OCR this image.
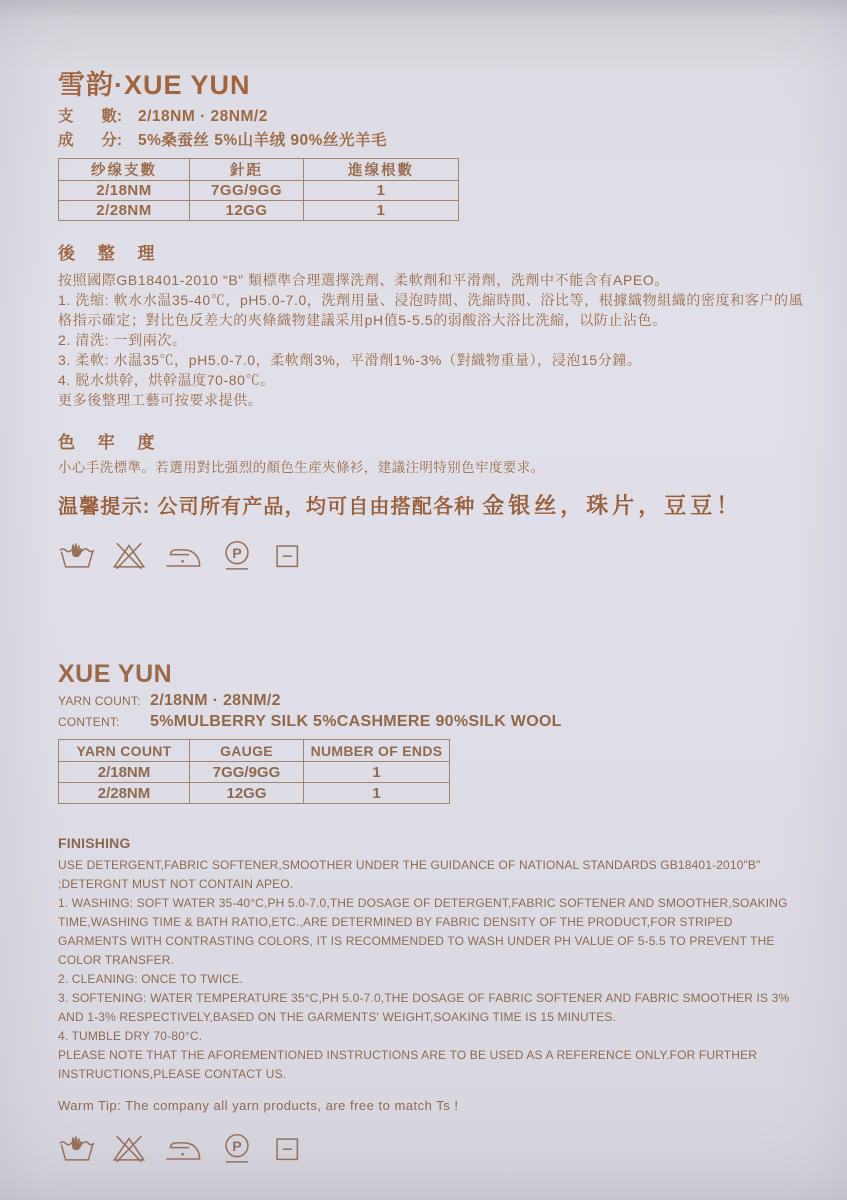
雪韵·XUE YUN
支 數: 2/18NM · 28NM/2
成 分: 5%桑蚕丝 5%山羊绒 90%丝光羊毛
纱缐支數	針距	進缐根數
2/18NM	7GG/9GG	1
2/28NM	12GG	1
後 整 理

按照國際GB18401-2010 “B” 類標準合理選擇洗劑、柔軟劑和平滑劑，洗劑中不能含有APEO。

1. 洗缩: 軟水水温35-40℃，pH5.0-7.0，洗劑用量、浸泡時間、洗縮時間、浴比等，根據織物組織的密度和客户的風格指示確定；對比色反差大的夾條織物建議采用pH值5-5.5的弱酸浴大浴比洗縮，以防止沾色。

2. 清洗: 一到兩次。

3. 柔軟: 水温35℃，pH5.0-7.0，柔軟劑3%，平滑劑1%-3%（對織物重量），浸泡15分鐘。

4. 脱水烘幹，烘幹温度70-80℃。

更多後整理工藝可按要求提供。

色 牢 度
小心手洗標準。若選用對比强烈的顏色生産夾條衫，建議注明特别色牢度要求。
温馨提示: 公司所有产品，均可自由搭配各种 金银丝，珠片，豆豆！
P
XUE YUN
YARN COUNT: 2/18NM · 28NM/2
CONTENT:	5%MULBERRY SILK 5%CASHMERE 90%SILK WOOL
YARN COUNT	GAUGE	NUMBER OF ENDS
2/18NM	7GG/9GG	1
2/28NM	12GG	1
FINISHING

USE DETERGENT,FABRIC SOFTENER,SMOOTHER UNDER THE GUIDANCE OF NATIONAL STANDARDS GB18401-2010"B" ;DETERGNT MUST NOT CONTAIN APEO.

1. WASHING: SOFT WATER 35-40°C,PH 5.0-7.0,THE DOSAGE OF DETERGENT,FABRIC SOFTENER AND SMOOTHER,SOAKING TIME,WASHING TIME & BATH RATIO,ETC.,ARE DETERMINED BY FABRIC DENSITY OF THE PRODUCT,FOR STRIPED GARMENTS WITH CONTRASTING COLORS, IT IS RECOMMENDED TO WASH UNDER PH VALUE OF 5-5.5 TO PREVENT THE COLOR TRANSFER.

2. CLEANING: ONCE TO TWICE.

3. SOFTENING: WATER TEMPERATURE 35°C,PH 5.0-7.0,THE DOSAGE OF FABRIC SOFTENER AND FABRIC SMOOTHER IS 3% AND 1-3% RESPECTIVELY,BASED ON THE GARMENTS' WEIGHT,SOAKING TIME IS 15 MINUTES.

4. TUMBLE DRY 70-80°C.

PLEASE NOTE THAT THE AFOREMENTIONED INSTRUCTIONS ARE TO BE USED AS A REFERENCE ONLY.FOR FURTHER INSTRUCTIONS,PLEASE CONTACT US.

Warm Tip: The company all yarn products, are free to match Ts !
P
